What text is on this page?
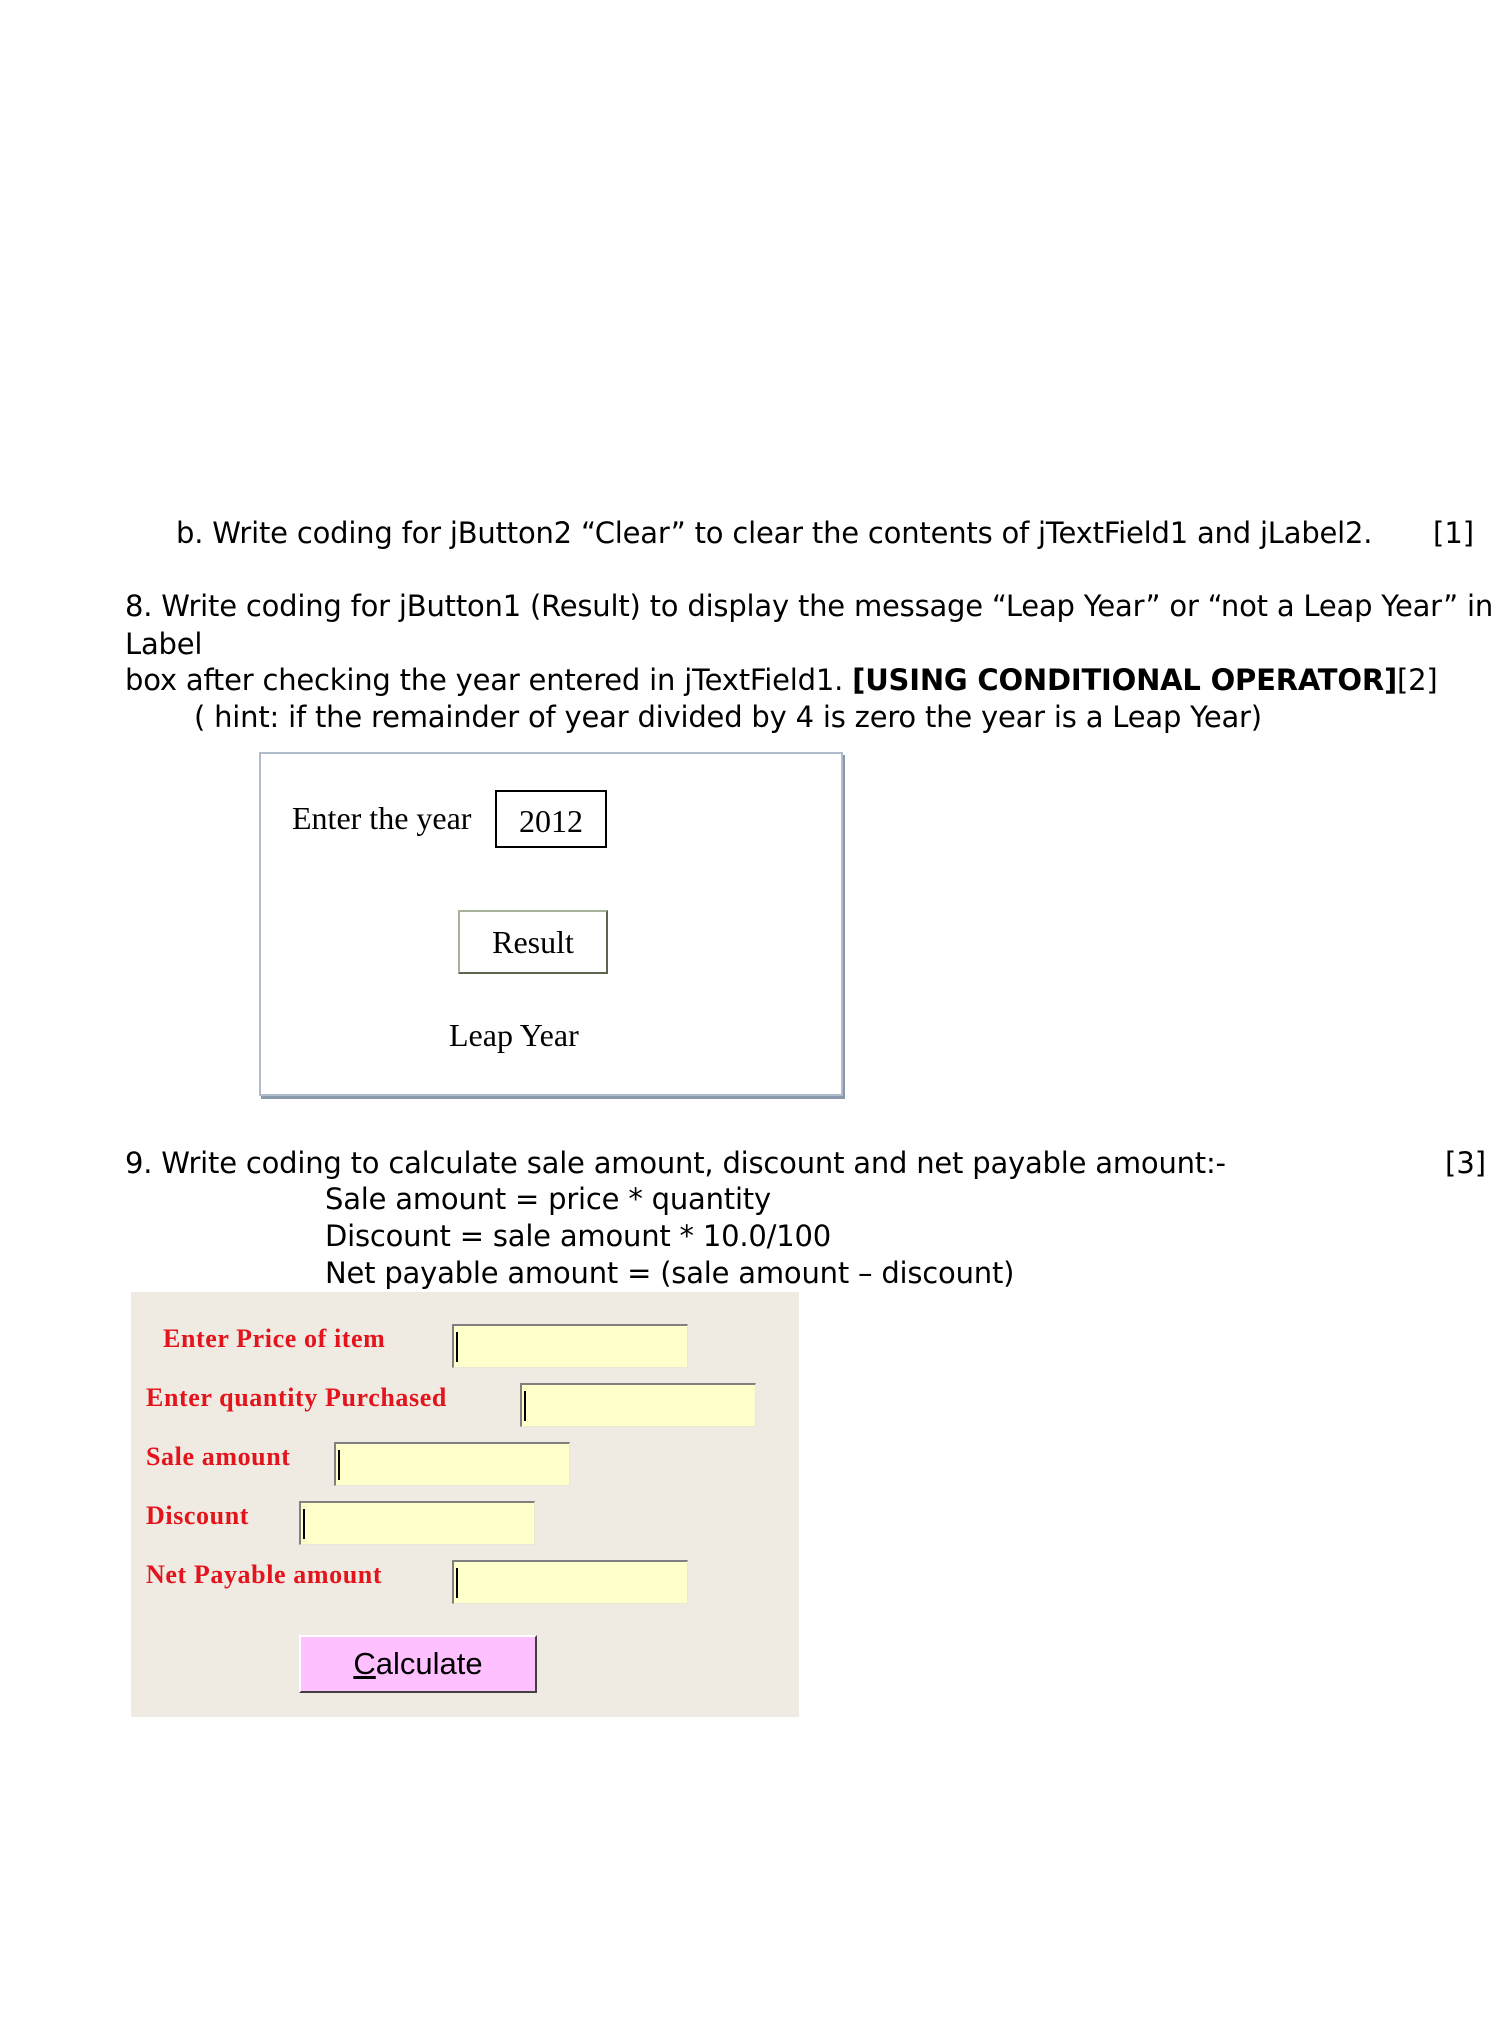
b. Write coding for jButton2 “Clear” to clear the contents of jTextField1 and jLabel2. [1]
8. Write coding for jButton1 (Result) to display the message “Leap Year” or “not a Leap Year” in
Label
box after checking the year entered in jTextField1. [USING CONDITIONAL OPERATOR][2]
( hint: if the remainder of year divided by 4 is zero the year is a Leap Year)
Enter the year	2012
Result
Leap Year
9. Write coding to calculate sale amount, discount and net payable amount:-	[3]
Sale amount = price * quantity
Discount = sale amount * 10.0/100
Net payable amount = (sale amount – discount)
Enter Price of item
Enter quantity Purchased
Sale amount
Discount
Net Payable amount
Calculate
